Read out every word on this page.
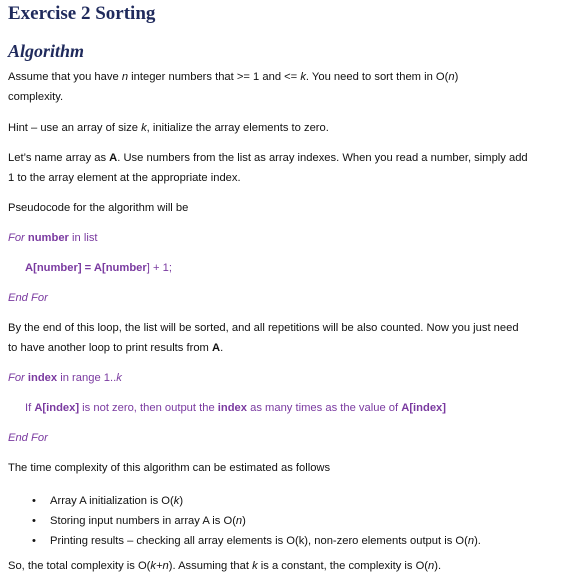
Exercise 2 Sorting
Algorithm
Assume that you have n integer numbers that >= 1 and <= k. You need to sort them in O(n)
complexity.
Hint – use an array of size k, initialize the array elements to zero.
Let’s name array as A. Use numbers from the list as array indexes. When you read a number, simply add
1 to the array element at the appropriate index.
Pseudocode for the algorithm will be
For number in list
A[number] = A[number] + 1;
End For
By the end of this loop, the list will be sorted, and all repetitions will be also counted. Now you just need
to have another loop to print results from A.
For index in range 1..k
If A[index] is not zero, then output the index as many times as the value of A[index]
End For
The time complexity of this algorithm can be estimated as follows
• Array A initialization is O(k)
• Storing input numbers in array A is O(n)
• Printing results – checking all array elements is O(k), non-zero elements output is O(n).
So, the total complexity is O(k+n). Assuming that k is a constant, the complexity is O(n).
